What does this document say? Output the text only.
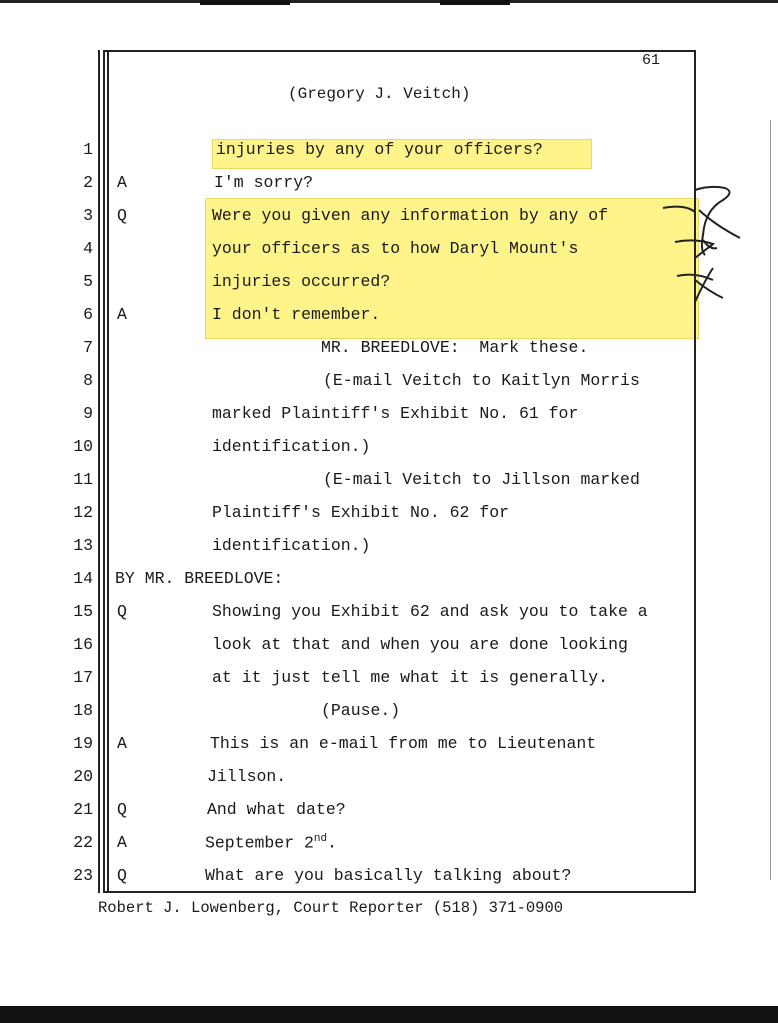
61
(Gregory J. Veitch)
1	injuries by any of your officers?
2 A	I'm sorry?
3 Q	Were you given any information by any of
4	your officers as to how Daryl Mount's
5	injuries occurred?
6 A	I don't remember.
7	MR. BREEDLOVE:  Mark these.
8	(E-mail Veitch to Kaitlyn Morris
9	marked Plaintiff's Exhibit No. 61 for
10	identification.)
11	(E-mail Veitch to Jillson marked
12	Plaintiff's Exhibit No. 62 for
13	identification.)
14 BY MR. BREEDLOVE:
15 Q	Showing you Exhibit 62 and ask you to take a
16	look at that and when you are done looking
17	at it just tell me what it is generally.
18	(Pause.)
19 A	This is an e-mail from me to Lieutenant
20	Jillson.
21 Q	And what date?
22 A	September 2nd.
23 Q	What are you basically talking about?
Robert J. Lowenberg, Court Reporter (518) 371-0900
